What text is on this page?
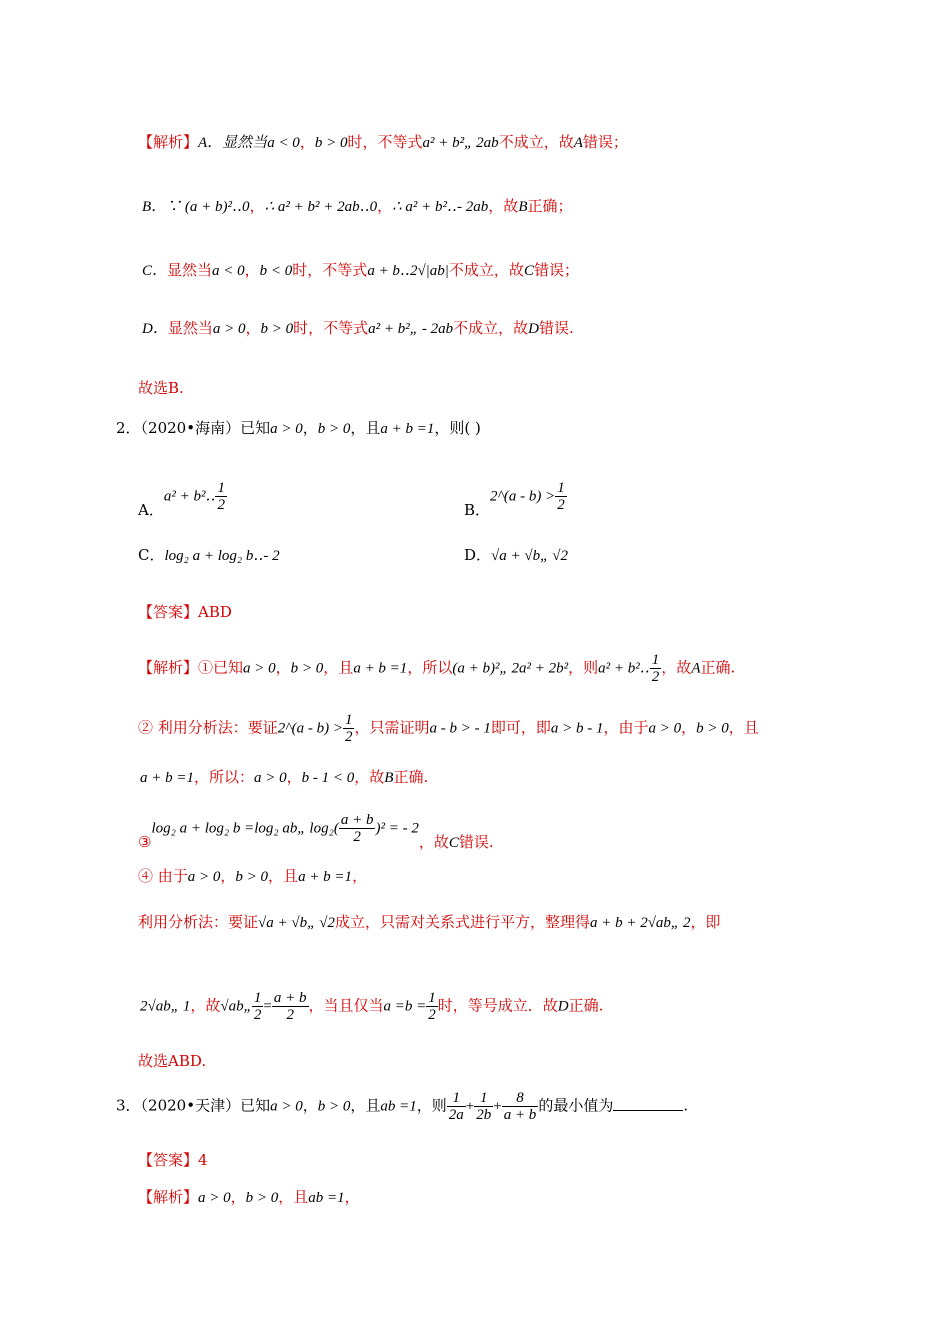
【解析】A．显然当a < 0，b > 0时，不等式a² + b²„ 2ab不成立，故A错误；
B．∵ (a + b)²‥0，∴ a² + b² + 2ab‥0，∴ a² + b²‥- 2ab，故B正确；
C．显然当a < 0，b < 0时，不等式a + b‥2√|ab|不成立，故C错误；
D．显然当a > 0，b > 0时，不等式a² + b²„ - 2ab不成立，故D错误.
故选B.
2．（2020•海南）已知a > 0，b > 0，且a + b =1，则( )
A．a² + b²‥ $\frac{1}{2}$	B．2^(a - $b) > \frac{1}{2}$
C．log₂ a + log₂ b‥- 2	D．√a + √b„ √2
【答案】ABD
【解析】①已知a > 0，b > 0，且a + b =1，所以(a + b)²„ 2a² + 2b²，则a² + b²‥ $\frac{1}{2}$ ，故A正确.
② 利用分析法：要证2^(a - $b) > \frac{1}{2}$ ，只需证明a - b > - 1即可，即a > b - 1，由于a > 0，b > 0，且
a + b =1，所以：a > 0，b - 1 < 0，故B正确.
③log₂ a + log₂ b =log₂ ab„ $\log_2( \frac{a + b}{2} )^2$ = - 2，故C错误.
④ 由于a > 0，b > 0，且a + b =1，
利用分析法：要证√a + √b„ √2成立，只需对关系式进行平方，整理得a + b + 2√ab„ 2，即
2√ab„ 1，故√ab„ $\frac{1}{2} = \frac{a + b}{2}$ ，当且仅当$a =b = \frac{1}{2}$ 时，等号成立．故D正确.
故选ABD.
3．（2020•天津）已知a > 0，b > 0，且ab =1，则 $\frac{1}{2a} + \frac{1}{2b} + \frac{8}{a + b}$ 的最小值为	.
【答案】4
【解析】a > 0，b > 0，且ab =1，
